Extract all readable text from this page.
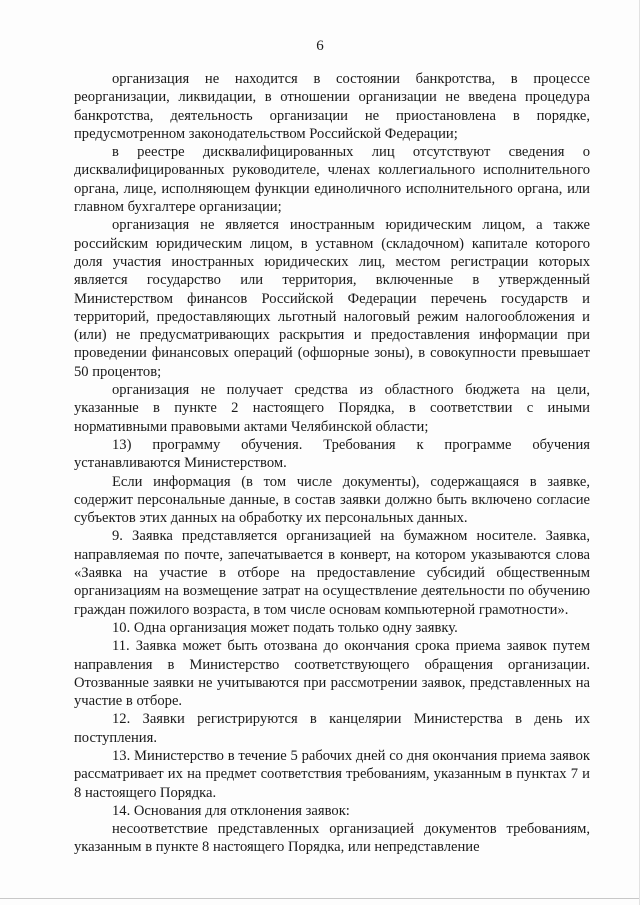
6

организация не находится в состоянии банкротства, в процессе реорганизации, ликвидации, в отношении организации не введена процедура банкротства, деятельность организации не приостановлена в порядке, предусмотренном законодательством Российской Федерации;

в реестре дисквалифицированных лиц отсутствуют сведения о дисквалифицированных руководителе, членах коллегиального исполнительного органа, лице, исполняющем функции единоличного исполнительного органа, или главном бухгалтере организации;

организация не является иностранным юридическим лицом, а также российским юридическим лицом, в уставном (складочном) капитале которого доля участия иностранных юридических лиц, местом регистрации которых является государство или территория, включенные в утвержденный Министерством финансов Российской Федерации перечень государств и территорий, предоставляющих льготный налоговый режим налогообложения и (или) не предусматривающих раскрытия и предоставления информации при проведении финансовых операций (офшорные зоны), в совокупности превышает 50 процентов;

организация не получает средства из областного бюджета на цели, указанные в пункте 2 настоящего Порядка, в соответствии с иными нормативными правовыми актами Челябинской области;

13) программу обучения. Требования к программе обучения устанавливаются Министерством.

Если информация (в том числе документы), содержащаяся в заявке, содержит персональные данные, в состав заявки должно быть включено согласие субъектов этих данных на обработку их персональных данных.

9. Заявка представляется организацией на бумажном носителе. Заявка, направляемая по почте, запечатывается в конверт, на котором указываются слова «Заявка на участие в отборе на предоставление субсидий общественным организациям на возмещение затрат на осуществление деятельности по обучению граждан пожилого возраста, в том числе основам компьютерной грамотности».

10. Одна организация может подать только одну заявку.

11. Заявка может быть отозвана до окончания срока приема заявок путем направления в Министерство соответствующего обращения организации. Отозванные заявки не учитываются при рассмотрении заявок, представленных на участие в отборе.

12. Заявки регистрируются в канцелярии Министерства в день их поступления.

13. Министерство в течение 5 рабочих дней со дня окончания приема заявок рассматривает их на предмет соответствия требованиям, указанным в пунктах 7 и 8 настоящего Порядка.

14. Основания для отклонения заявок:

несоответствие представленных организацией документов требованиям, указанным в пункте 8 настоящего Порядка, или непредставление
